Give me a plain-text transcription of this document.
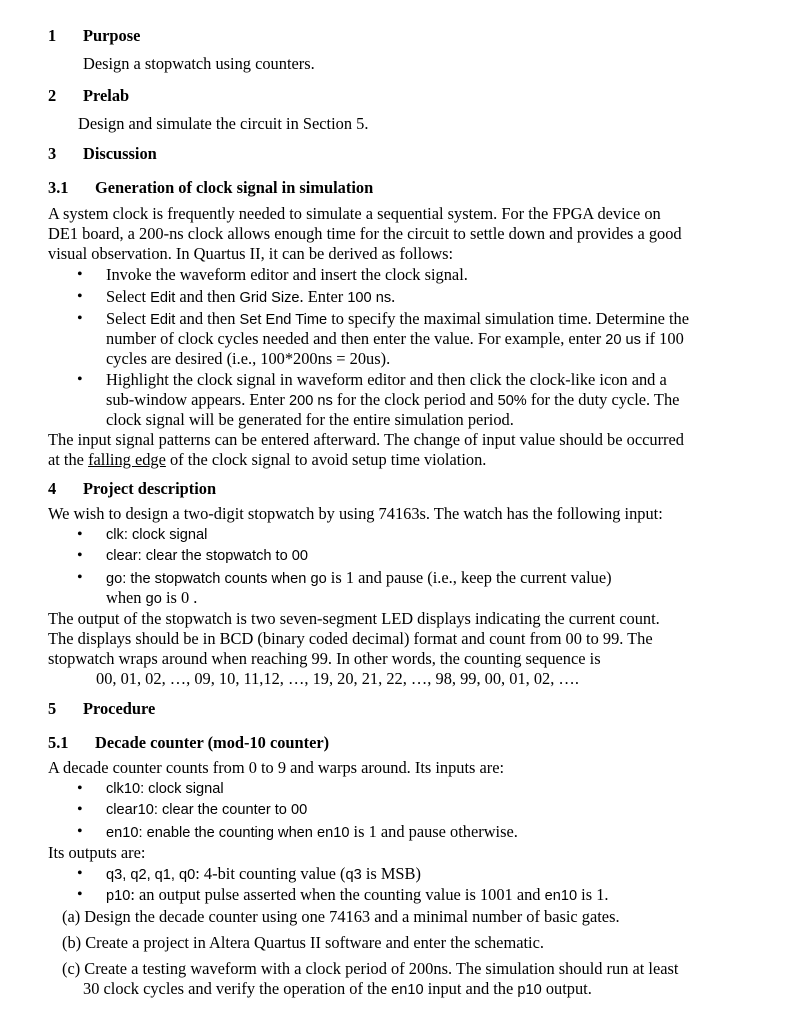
1 Purpose
Design a stopwatch using counters.
2 Prelab
Design and simulate the circuit in Section 5.
3 Discussion
3.1 Generation of clock signal in simulation
A system clock is frequently needed to simulate a sequential system. For the FPGA device on
DE1 board, a 200-ns clock allows enough time for the circuit to settle down and provides a good
visual observation. In Quartus II, it can be derived as follows:
• Invoke the waveform editor and insert the clock signal.
• Select Edit and then Grid Size. Enter 100 ns.
• Select Edit and then Set End Time to specify the maximal simulation time. Determine the
number of clock cycles needed and then enter the value. For example, enter 20 us if 100
cycles are desired (i.e., 100*200ns = 20us).
• Highlight the clock signal in waveform editor and then click the clock-like icon and a
sub-window appears. Enter 200 ns for the clock period and 50% for the duty cycle. The
clock signal will be generated for the entire simulation period.
The input signal patterns can be entered afterward. The change of input value should be occurred
at the falling edge of the clock signal to avoid setup time violation.
4 Project description
We wish to design a two-digit stopwatch by using 74163s. The watch has the following input:
• clk: clock signal
• clear: clear the stopwatch to 00
• go: the stopwatch counts when go is 1 and pause (i.e., keep the current value)
when go is 0 .
The output of the stopwatch is two seven-segment LED displays indicating the current count.
The displays should be in BCD (binary coded decimal) format and count from 00 to 99. The
stopwatch wraps around when reaching 99. In other words, the counting sequence is
00, 01, 02, …, 09, 10, 11,12, …, 19, 20, 21, 22, …, 98, 99, 00, 01, 02, ….
5 Procedure
5.1 Decade counter (mod-10 counter)
A decade counter counts from 0 to 9 and warps around. Its inputs are:
• clk10: clock signal
• clear10: clear the counter to 00
• en10: enable the counting when en10 is 1 and pause otherwise.
Its outputs are:
• q3, q2, q1, q0: 4-bit counting value (q3 is MSB)
• p10: an output pulse asserted when the counting value is 1001 and en10 is 1.
(a) Design the decade counter using one 74163 and a minimal number of basic gates.
(b) Create a project in Altera Quartus II software and enter the schematic.
(c) Create a testing waveform with a clock period of 200ns. The simulation should run at least
30 clock cycles and verify the operation of the en10 input and the p10 output.
